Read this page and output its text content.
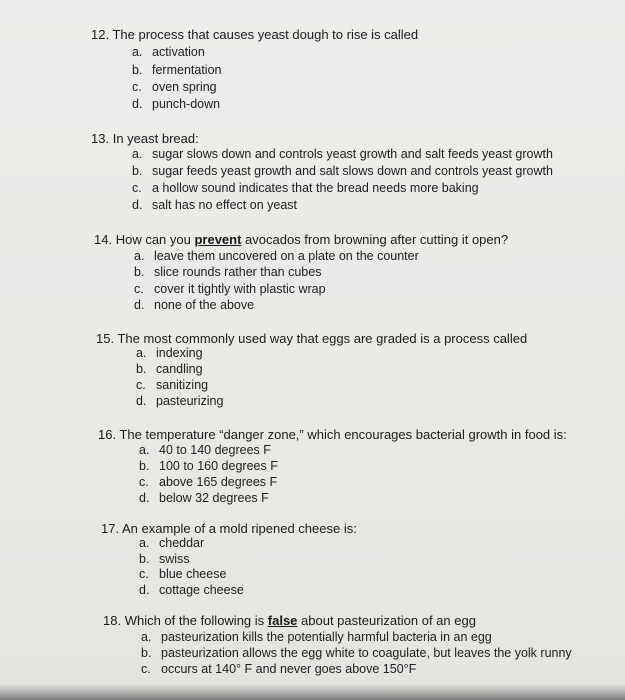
12. The process that causes yeast dough to rise is called
a. activation
b. fermentation
c. oven spring
d. punch-down
13. In yeast bread:
a. sugar slows down and controls yeast growth and salt feeds yeast growth
b. sugar feeds yeast growth and salt slows down and controls yeast growth
c. a hollow sound indicates that the bread needs more baking
d. salt has no effect on yeast
14. How can you prevent avocados from browning after cutting it open?
a. leave them uncovered on a plate on the counter
b. slice rounds rather than cubes
c. cover it tightly with plastic wrap
d. none of the above
15. The most commonly used way that eggs are graded is a process called
a. indexing
b. candling
c. sanitizing
d. pasteurizing
16. The temperature “danger zone,” which encourages bacterial growth in food is:
a. 40 to 140 degrees F
b. 100 to 160 degrees F
c. above 165 degrees F
d. below 32 degrees F
17. An example of a mold ripened cheese is:
a. cheddar
b. swiss
c. blue cheese
d. cottage cheese
18. Which of the following is false about pasteurization of an egg
a. pasteurization kills the potentially harmful bacteria in an egg
b. pasteurization allows the egg white to coagulate, but leaves the yolk runny
c. occurs at 140° F and never goes above 150°F
